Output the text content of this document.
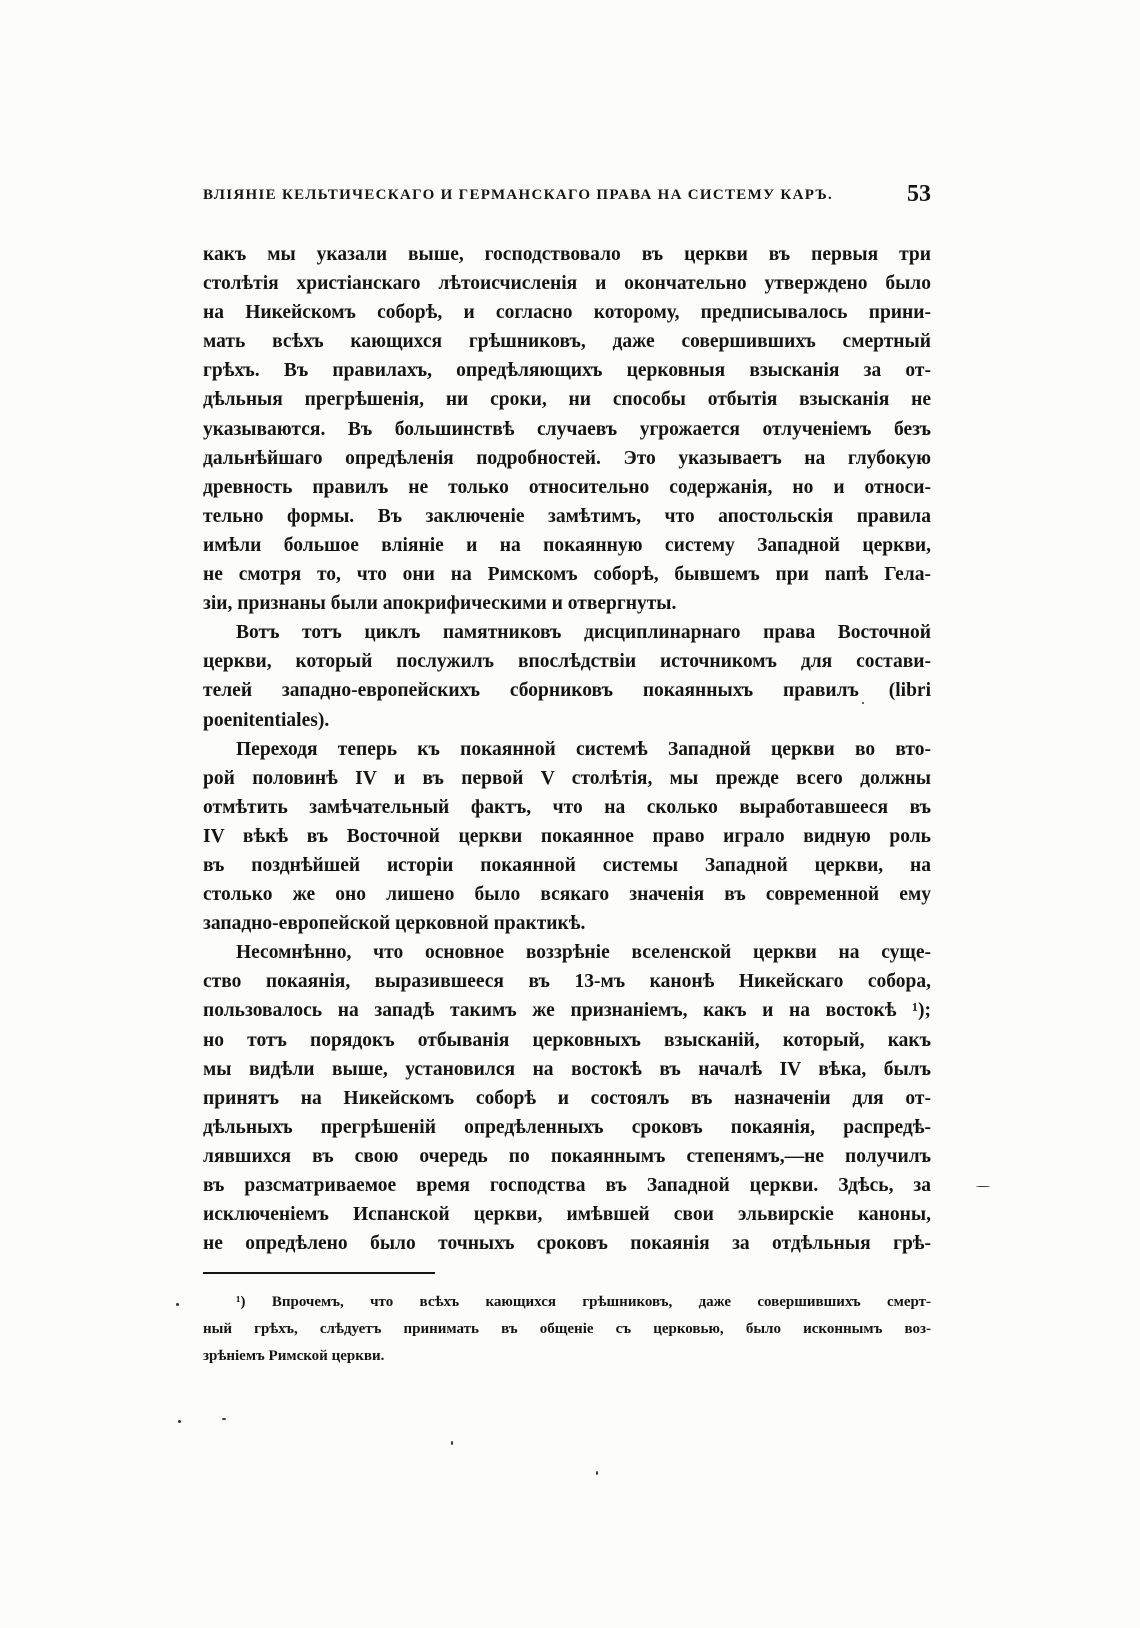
ВЛІЯНІЕ КЕЛЬТИЧЕСКАГО И ГЕРМАНСКАГО ПРАВА НА СИСТЕМУ КАРЪ.	53
какъ мы указали выше, господствовало въ церкви въ первыя три
столѣтія христіанскаго лѣтоисчисленія и окончательно утверждено было
на Никейскомъ соборѣ, и согласно которому, предписывалось прини-
мать всѣхъ кающихся грѣшниковъ, даже совершившихъ смертный
грѣхъ. Въ правилахъ, опредѣляющихъ церковныя взысканія за от-
дѣльныя прегрѣшенія, ни сроки, ни способы отбытія взысканія не
указываются. Въ большинствѣ случаевъ угрожается отлученіемъ безъ
дальнѣйшаго опредѣленія подробностей. Это указываетъ на глубокую
древность правилъ не только относительно содержанія, но и относи-
тельно формы. Въ заключеніе замѣтимъ, что апостольскія правила
имѣли большое вліяніе и на покаянную систему Западной церкви,
не смотря то, что они на Римскомъ соборѣ, бывшемъ при папѣ Гела-
зіи, признаны были апокрифическими и отвергнуты.
Вотъ тотъ циклъ памятниковъ дисциплинарнаго права Восточной
церкви, который послужилъ впослѣдствіи источникомъ для состави-
телей западно-европейскихъ сборниковъ покаянныхъ правилъ (libri
poenitentiales).
Переходя теперь къ покаянной системѣ Западной церкви во вто-
рой половинѣ IV и въ первой V столѣтія, мы прежде всего должны
отмѣтить замѣчательный фактъ, что на сколько выработавшееся въ
IV вѣкѣ въ Восточной церкви покаянное право играло видную роль
въ позднѣйшей исторіи покаянной системы Западной церкви, на
столько же оно лишено было всякаго значенія въ современной ему
западно-европейской церковной практикѣ.
Несомнѣнно, что основное воззрѣніе вселенской церкви на суще-
ство покаянія, выразившееся въ 13-мъ канонѣ Никейскаго собора,
пользовалось на западѣ такимъ же признаніемъ, какъ и на востокѣ ¹);
но тотъ порядокъ отбыванія церковныхъ взысканій, который, какъ
мы видѣли выше, установился на востокѣ въ началѣ IV вѣка, былъ
принятъ на Никейскомъ соборѣ и состоялъ въ назначеніи для от-
дѣльныхъ прегрѣшеній опредѣленныхъ сроковъ покаянія, распредѣ-
лявшихся въ свою очередь по покаяннымъ степенямъ,—не получилъ
въ разсматриваемое время господства въ Западной церкви. Здѣсь, за
исключеніемъ Испанской церкви, имѣвшей свои эльвирскіе каноны,
не опредѣлено было точныхъ сроковъ покаянія за отдѣльныя грѣ-
¹) Впрочемъ, что всѣхъ кающихся грѣшниковъ, даже совершившихъ смерт-
ный грѣхъ, слѣдуетъ принимать въ общеніе съ церковью, было исконнымъ воз-
зрѣніемъ Римской церкви.
